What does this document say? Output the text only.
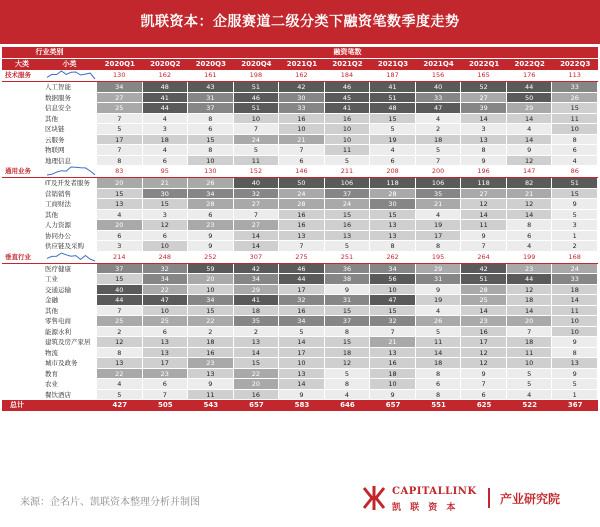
凯联资本：企服赛道二级分类下融资笔数季度走势
行业类别	融资笔数
大类	小类	2020Q1	2020Q2	2020Q3	2020Q4	2021Q1	2021Q2	2021Q3	2021Q4	2022Q1	2022Q2	2022Q3
技术服务	130	162	161	198	162	184	187	156	165	176	113
人工智能	34	48	43	51	42	46	41	40	52	44	33
数据服务	27	41	31	46	30	45	51	33	27	50	26
信息安全	25	44	37	51	33	41	48	47	39	29	15
其他	7	4	8	10	16	16	15	4	14	14	11
区块链	5	3	6	7	10	10	5	2	3	4	10
云服务	17	18	15	24	21	10	19	18	13	14	8
物联网	7	4	8	5	7	11	4	5	8	9	6
地理信息	8	6	10	11	6	5	6	7	9	12	4
通用业务	83	95	130	152	146	211	208	200	196	147	86
IT及开发者服务	20	21	26	40	50	106	118	106	118	82	51
营销销售	15	30	34	32	24	37	28	35	27	21	15
工商财法	13	15	28	27	28	24	30	21	12	12	9
其他	4	3	6	7	16	15	15	4	14	14	5
人力资源	20	12	23	27	16	16	13	19	11	8	3
协同办公	6	6	9	14	13	13	13	17	9	6	1
供应链及采购	3	10	9	14	7	5	8	8	7	4	2
垂直行业	214	248	252	307	275	251	262	195	264	199	168
医疗健康	37	32	59	42	46	36	34	29	42	23	24
工业	15	34	20	34	44	38	56	31	51	44	33
交通运输	40	22	10	29	17	9	10	9	28	12	18
金融	44	47	34	41	32	31	47	19	25	18	14
其他	7	10	15	18	16	15	15	4	14	14	11
零售电商	25	25	22	35	34	37	32	26	23	20	10
能源水利	2	6	2	2	5	8	7	5	16	7	10
建筑及房产家居	12	13	18	13	14	15	21	11	17	18	9
物流	8	13	16	14	17	18	13	14	12	11	8
城市及政务	13	17	23	15	10	12	16	18	12	10	13
教育	22	23	13	22	13	5	18	8	9	5	9
农业	4	6	9	20	14	8	10	6	7	5	5
餐饮酒店	5	7	11	16	9	4	9	8	6	4	1
总计	427	505	543	657	583	646	657	551	625	522	367
来源：企名片、凯联资本整理分析并制图
CAPITALLINK
凯 联 资 本
产业研究院
